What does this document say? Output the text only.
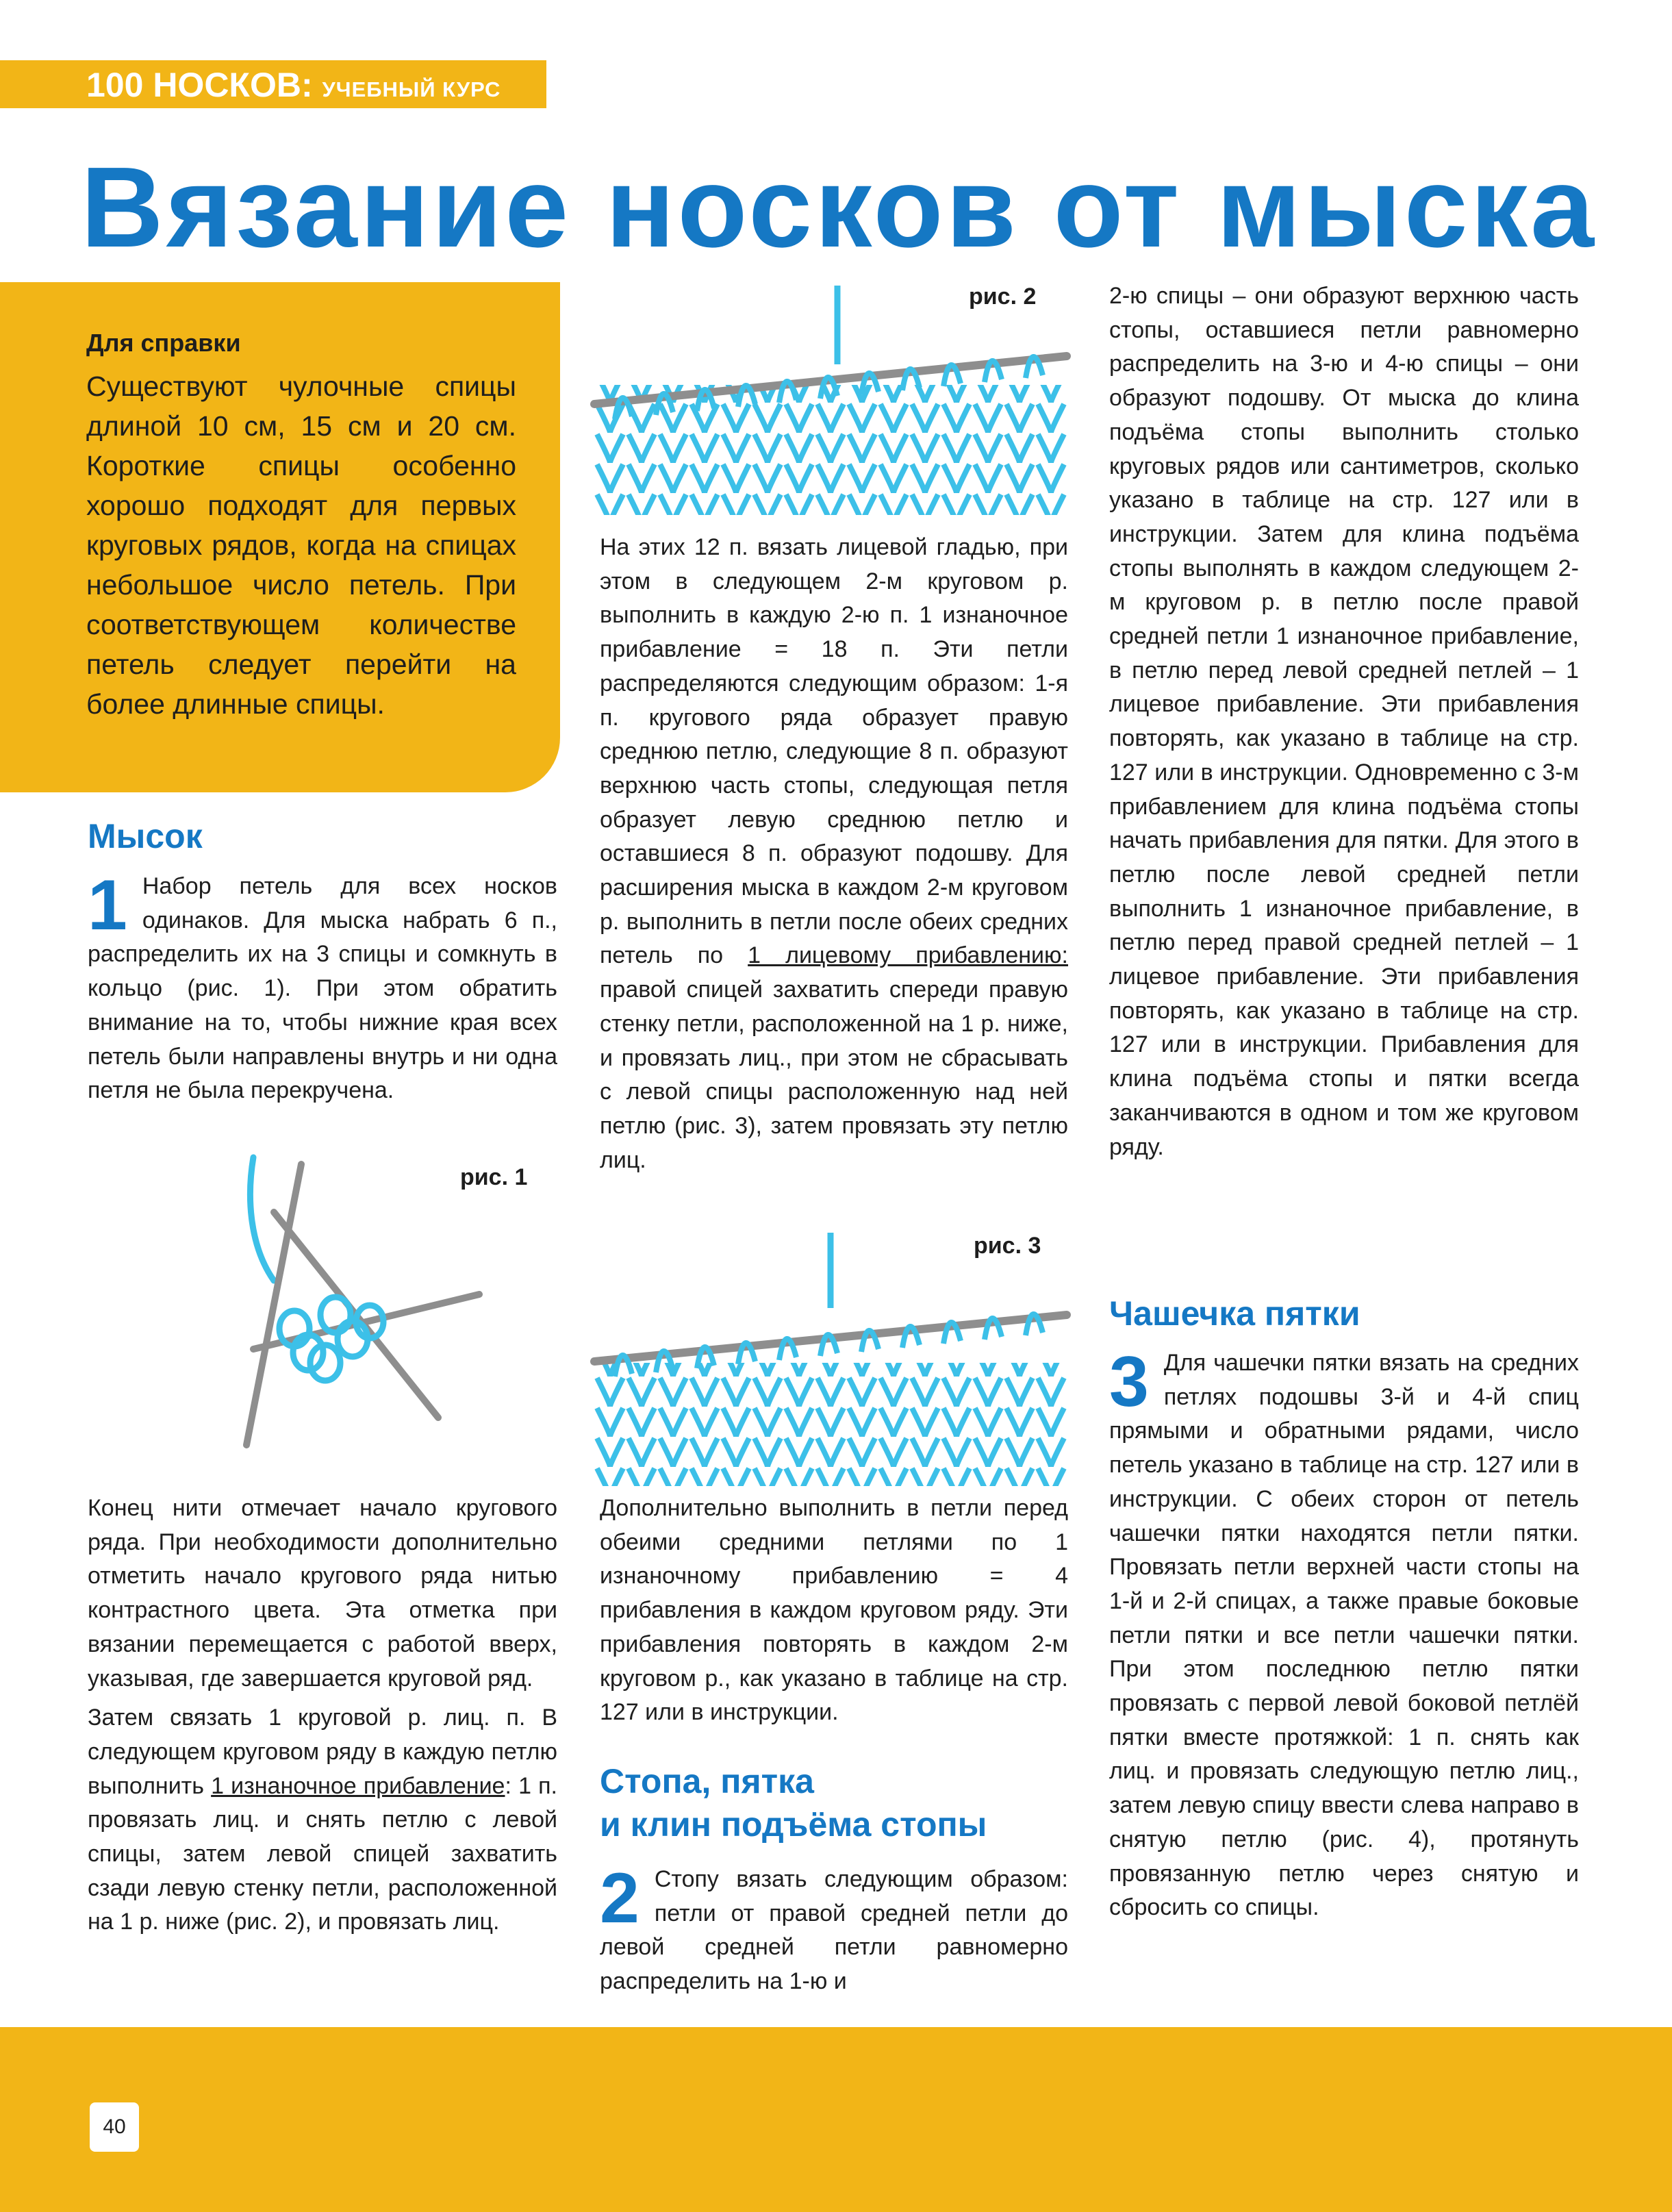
100 НОСКОВ: УЧЕБНЫЙ КУРС
Вязание носков от мыска
Для справки

Существуют чулочные спицы длиной 10 см, 15 см и 20 см. Короткие спицы особенно хорошо подходят для первых круговых рядов, когда на спицах небольшое число петель. При соответствующем количестве петель следует перейти на более длинные спицы.

Мысок
1 Набор петель для всех носков одинаков. Для мыска набрать 6 п., распределить их на 3 спицы и сомкнуть в кольцо (рис. 1). При этом обратить внимание на то, чтобы нижние края всех петель были направлены внутрь и ни одна петля не была перекручена.

рис. 1

Конец нити отмечает начало кругового ряда. При необходимости дополнительно отметить начало кругового ряда нитью контрастного цвета. Эта отметка при вязании перемещается с работой вверх, указывая, где завершается круговой ряд.

Затем связать 1 круговой р. лиц. п. В следующем круговом ряду в каждую петлю выполнить 1 изнаночное прибавление: 1 п. провязать лиц. и снять петлю с левой спицы, затем левой спицей захватить сзади левую стенку петли, расположенной на 1 р. ниже (рис. 2), и провязать лиц.

рис. 2

На этих 12 п. вязать лицевой гладью, при этом в следующем 2-м круговом р. выполнить в каждую 2-ю п. 1 изнаночное прибавление = 18 п. Эти петли распределяются следующим образом: 1-я п. кругового ряда образует правую среднюю петлю, следующие 8 п. образуют верхнюю часть стопы, следующая петля образует левую среднюю петлю и оставшиеся 8 п. образуют подошву. Для расширения мыска в каждом 2-м круговом р. выполнить в петли после обеих средних петель по 1 лицевому прибавлению: правой спицей захватить спереди правую стенку петли, расположенной на 1 р. ниже, и провязать лиц., при этом не сбрасывать с левой спицы расположенную над ней петлю (рис. 3), затем провязать эту петлю лиц.

рис. 3

Дополнительно выполнить в петли перед обеими средними петлями по 1 изнаночному прибавлению = 4 прибавления в каждом круговом ряду. Эти прибавления повторять в каждом 2-м круговом р., как указано в таблице на стр. 127 или в инструкции.

Стопа, пятка
и клин подъёма стопы
2 Стопу вязать следующим образом: петли от правой средней петли до левой средней петли равномерно распределить на 1-ю и

2-ю спицы – они образуют верхнюю часть стопы, оставшиеся петли равномерно распределить на 3-ю и 4-ю спицы – они образуют подошву. От мыска до клина подъёма стопы выполнить столько круговых рядов или сантиметров, сколько указано в таблице на стр. 127 или в инструкции. Затем для клина подъёма стопы выполнять в каждом следующем 2-м круговом р. в петлю после правой средней петли 1 изнаночное прибавление, в петлю перед левой средней петлей – 1 лицевое прибавление. Эти прибавления повторять, как указано в таблице на стр. 127 или в инструкции. Одновременно с 3-м прибавлением для клина подъёма стопы начать прибавления для пятки. Для этого в петлю после левой средней петли выполнить 1 изнаночное прибавление, в петлю перед правой средней петлей – 1 лицевое прибавление. Эти прибавления повторять, как указано в таблице на стр. 127 или в инструкции. Прибавления для клина подъёма стопы и пятки всегда заканчиваются в одном и том же круговом ряду.

Чашечка пятки
3 Для чашечки пятки вязать на средних петлях подошвы 3-й и 4-й спиц прямыми и обратными рядами, число петель указано в таблице на стр. 127 или в инструкции. С обеих сторон от петель чашечки пятки находятся петли пятки. Провязать петли верхней части стопы на 1-й и 2-й спицах, а также правые боковые петли пятки и все петли чашечки пятки. При этом последнюю петлю пятки провязать с первой левой боковой петлёй пятки вместе протяжкой: 1 п. снять как лиц. и провязать следующую петлю лиц., затем левую спицу ввести слева направо в снятую петлю (рис. 4), протянуть провязанную петлю через снятую и сбросить со спицы.

40
